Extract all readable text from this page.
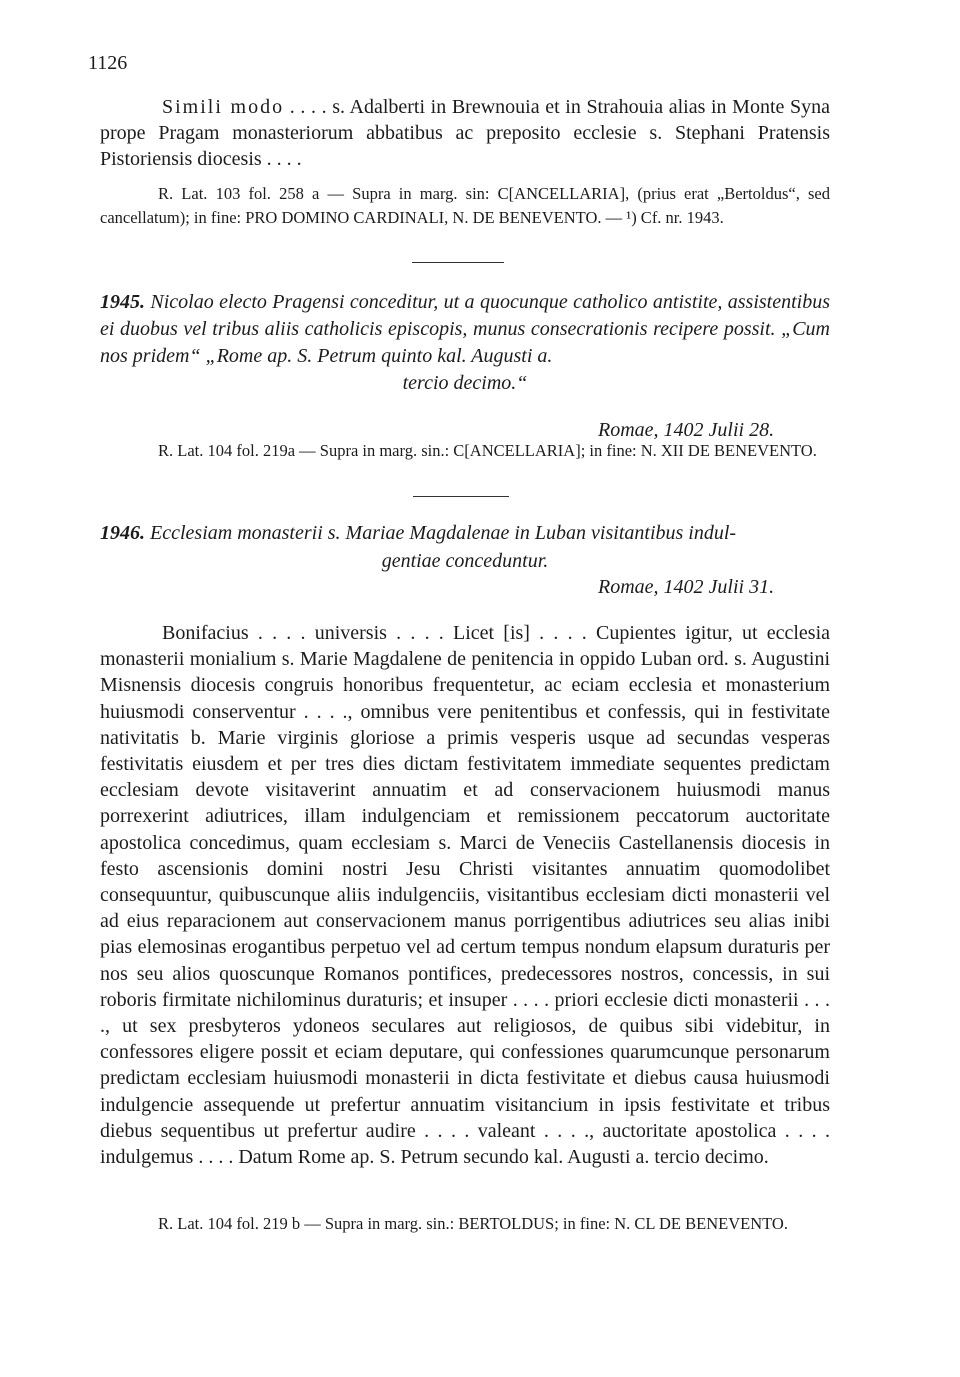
1126
Simili modo . . . . s. Adalberti in Brewnouia et in Strahouia alias in Monte Syna prope Pragam monasteriorum abbatibus ac preposito ecclesie s. Stephani Pratensis Pistoriensis diocesis . . . .
R. Lat. 103 fol. 258 a — Supra in marg. sin: C[ANCELLARIA], (prius erat „Bertoldus“, sed cancellatum); in fine: PRO DOMINO CARDINALI, N. DE BENEVENTO. — ¹) Cf. nr. 1943.
1945. Nicolao electo Pragensi conceditur, ut a quocunque catholico antistite, assistentibus ei duobus vel tribus aliis catholicis episcopis, munus consecrationis recipere possit. „Cum nos pridem“ „Rome ap. S. Petrum quinto kal. Augusti a.
tercio decimo.“
Romae, 1402 Julii 28.
R. Lat. 104 fol. 219a — Supra in marg. sin.: C[ANCELLARIA]; in fine: N. XII DE BENEVENTO.
1946. Ecclesiam monasterii s. Mariae Magdalenae in Luban visitantibus indul-
gentiae conceduntur.
Romae, 1402 Julii 31.
Bonifacius . . . . universis . . . . Licet [is] . . . . Cupientes igitur, ut ecclesia monasterii monialium s. Marie Magdalene de penitencia in oppido Luban ord. s. Augustini Misnensis diocesis congruis honoribus frequentetur, ac eciam ecclesia et monasterium huiusmodi conserventur . . . ., omnibus vere penitentibus et confessis, qui in festivitate nativitatis b. Marie virginis gloriose a primis vesperis usque ad secundas vesperas festivitatis eiusdem et per tres dies dictam festivitatem immediate sequentes predictam ecclesiam devote visitaverint annuatim et ad conservacionem huiusmodi manus porrexerint adiutrices, illam indulgenciam et remissionem peccatorum auctoritate apostolica concedimus, quam ecclesiam s. Marci de Veneciis Castellanensis diocesis in festo ascensionis domini nostri Jesu Christi visitantes annuatim quomodolibet consequuntur, quibuscunque aliis indulgenciis, visitantibus ecclesiam dicti monasterii vel ad eius reparacionem aut conservacionem manus porrigentibus adiutrices seu alias inibi pias elemosinas erogantibus perpetuo vel ad certum tempus nondum elapsum duraturis per nos seu alios quoscunque Romanos pontifices, predecessores nostros, concessis, in sui roboris firmitate nichilominus duraturis; et insuper . . . . priori ecclesie dicti monasterii . . . ., ut sex presbyteros ydoneos seculares aut religiosos, de quibus sibi videbitur, in confessores eligere possit et eciam deputare, qui confessiones quarumcunque personarum predictam ecclesiam huiusmodi monasterii in dicta festivitate et diebus causa huiusmodi indulgencie assequende ut prefertur annuatim visitancium in ipsis festivitate et tribus diebus sequentibus ut prefertur audire . . . . valeant . . . ., auctoritate apostolica . . . . indulgemus . . . . Datum Rome ap. S. Petrum secundo kal. Augusti a. tercio decimo.
R. Lat. 104 fol. 219 b — Supra in marg. sin.: BERTOLDUS; in fine: N. CL DE BENEVENTO.
